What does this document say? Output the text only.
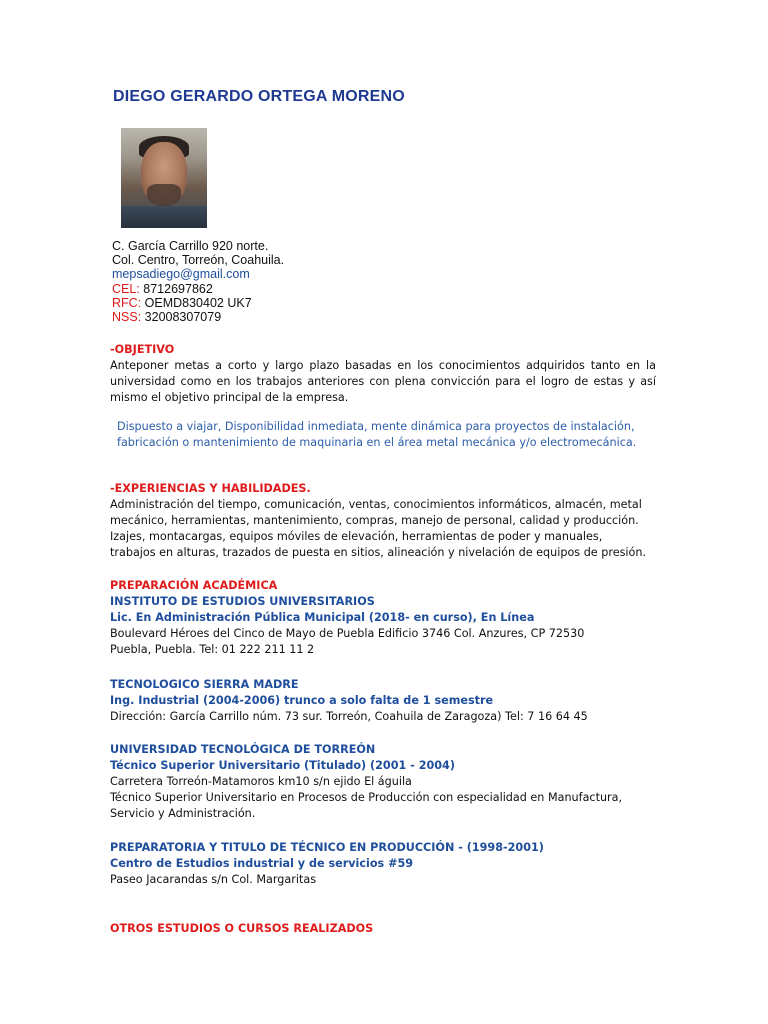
DIEGO GERARDO ORTEGA MORENO
C. García Carrillo 920 norte.
Col. Centro, Torreón, Coahuila.
mepsadiego@gmail.com
CEL: 8712697862
RFC: OEMD830402 UK7
NSS: 32008307079
-OBJETIVO
Anteponer metas a corto y largo plazo basadas en los conocimientos adquiridos tanto en la universidad como en los trabajos anteriores con plena convicción para el logro de estas y así mismo el objetivo principal de la empresa.
Dispuesto a viajar, Disponibilidad inmediata, mente dinámica para proyectos de instalación,
fabricación o mantenimiento de maquinaria en el área metal mecánica y/o electromecánica.
-EXPERIENCIAS Y HABILIDADES.
Administración del tiempo, comunicación, ventas, conocimientos informáticos, almacén, metal
mecánico, herramientas, mantenimiento, compras, manejo de personal, calidad y producción.
Izajes, montacargas, equipos móviles de elevación, herramientas de poder y manuales,
trabajos en alturas, trazados de puesta en sitios, alineación y nivelación de equipos de presión.
PREPARACIÓN ACADÉMICA
INSTITUTO DE ESTUDIOS UNIVERSITARIOS
Lic. En Administración Pública Municipal (2018- en curso), En Línea
Boulevard Héroes del Cinco de Mayo de Puebla Edificio 3746 Col. Anzures, CP 72530
Puebla, Puebla. Tel: 01 222 211 11 2
TECNOLOGICO SIERRA MADRE
Ing. Industrial (2004-2006) trunco a solo falta de 1 semestre
Dirección: García Carrillo núm. 73 sur. Torreón, Coahuila de Zaragoza) Tel: 7 16 64 45
UNIVERSIDAD TECNOLÓGICA DE TORREÓN
Técnico Superior Universitario (Titulado) (2001 - 2004)
Carretera Torreón-Matamoros km10 s/n ejido El águila
Técnico Superior Universitario en Procesos de Producción con especialidad en Manufactura,
Servicio y Administración.
PREPARATORIA Y TITULO DE TÉCNICO EN PRODUCCIÓN - (1998-2001)
Centro de Estudios industrial y de servicios #59
Paseo Jacarandas s/n Col. Margaritas
OTROS ESTUDIOS O CURSOS REALIZADOS
